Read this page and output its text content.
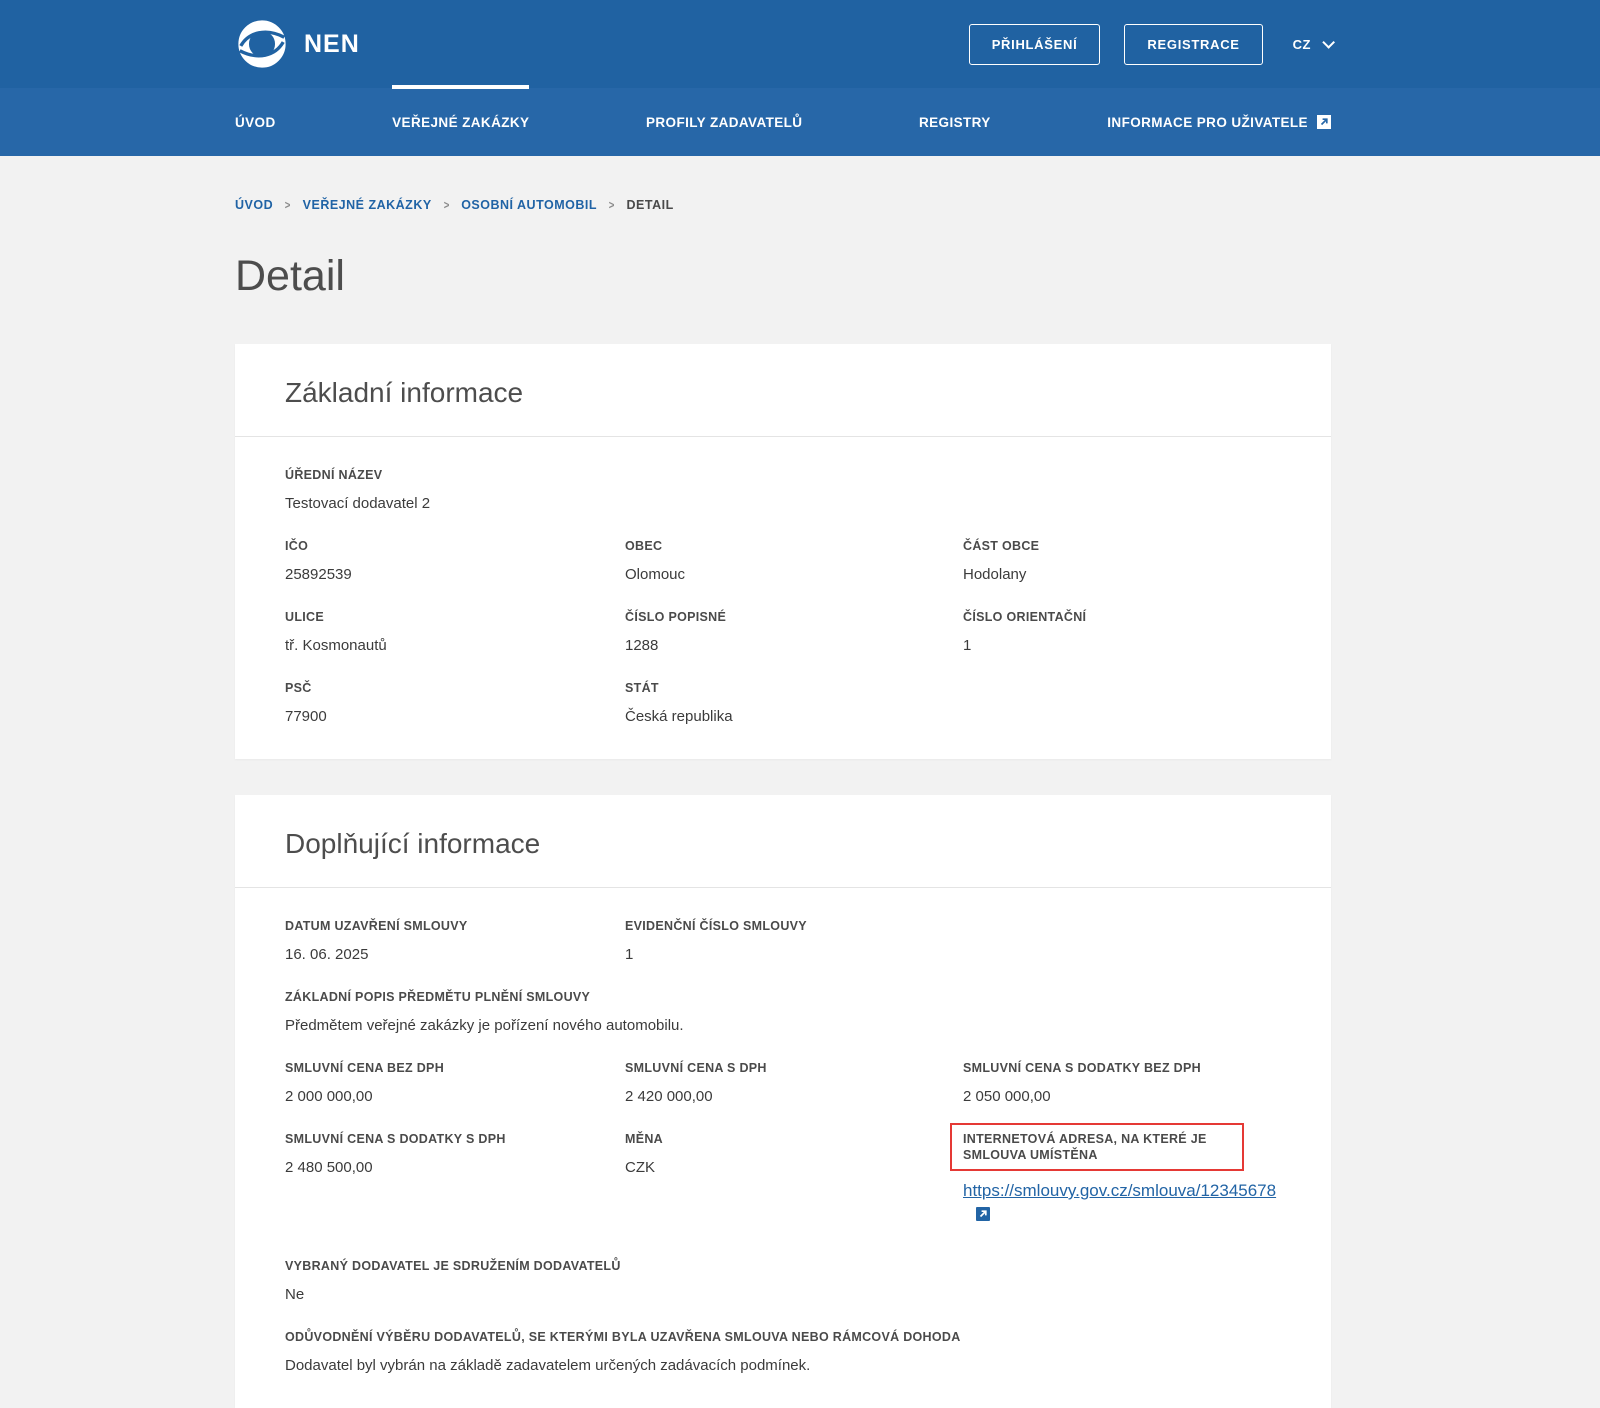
NEN	PŘIHLÁŠENÍ	REGISTRACE	CZ
ÚVOD	VEŘEJNÉ ZAKÁZKY	PROFILY ZADAVATELŮ	REGISTRY	INFORMACE PRO UŽIVATELE
ÚVOD > VEŘEJNÉ ZAKÁZKY > OSOBNÍ AUTOMOBIL > DETAIL
Detail
Základní informace
ÚŘEDNÍ NÁZEV
Testovací dodavatel 2
IČO
25892539
OBEC
Olomouc
ČÁST OBCE
Hodolany
ULICE
tř. Kosmonautů
ČÍSLO POPISNÉ
1288
ČÍSLO ORIENTAČNÍ
1
PSČ
77900
STÁT
Česká republika
Doplňující informace
DATUM UZAVŘENÍ SMLOUVY
16. 06. 2025
EVIDENČNÍ ČÍSLO SMLOUVY
1
ZÁKLADNÍ POPIS PŘEDMĚTU PLNĚNÍ SMLOUVY
Předmětem veřejné zakázky je pořízení nového automobilu.
SMLUVNÍ CENA BEZ DPH
2 000 000,00
SMLUVNÍ CENA S DPH
2 420 000,00
SMLUVNÍ CENA S DODATKY BEZ DPH
2 050 000,00
SMLUVNÍ CENA S DODATKY S DPH
2 480 500,00
MĚNA
CZK
INTERNETOVÁ ADRESA, NA KTERÉ JE SMLOUVA UMÍSTĚNA
https://smlouvy.gov.cz/smlouva/12345678
VYBRANÝ DODAVATEL JE SDRUŽENÍM DODAVATELŮ
Ne
ODŮVODNĚNÍ VÝBĚRU DODAVATELŮ, SE KTERÝMI BYLA UZAVŘENA SMLOUVA NEBO RÁMCOVÁ DOHODA
Dodavatel byl vybrán na základě zadavatelem určených zadávacích podmínek.
